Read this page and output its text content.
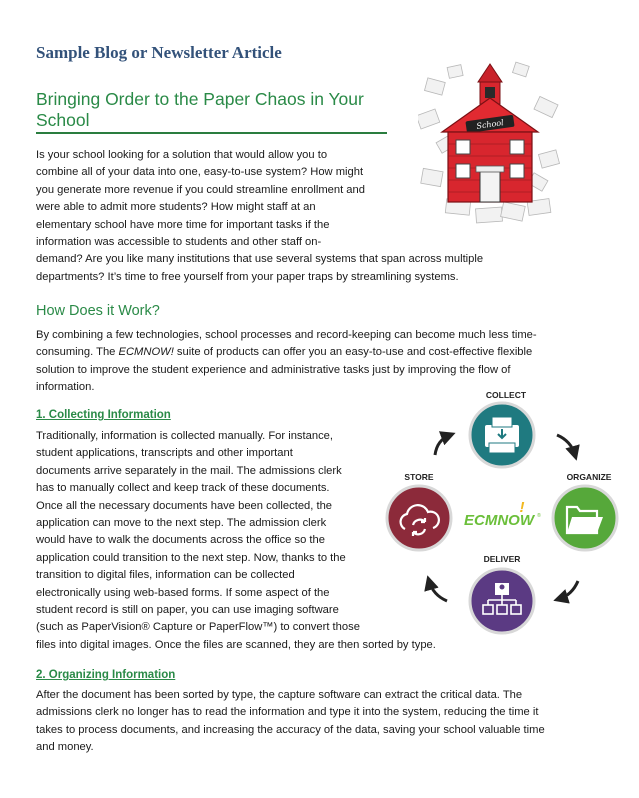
Sample Blog or Newsletter Article
Bringing Order to the Paper Chaos in Your
School	School
Is your school looking for a solution that would allow you to
combine all of your data into one, easy-to-use system? How might
you generate more revenue if you could streamline enrollment and
were able to admit more students? How might staff at an
elementary school have more time for important tasks if the
information was accessible to students and other staff on-
demand? Are you like many institutions that use several systems that span across multiple
departments? It’s time to free yourself from your paper traps by streamlining systems.
How Does it Work?
By combining a few technologies, school processes and record-keeping can become much less time-
consuming. The ECMNOW! suite of products can offer you an easy-to-use and cost-effective flexible
solution to improve the student experience and administrative tasks just by improving the flow of
information.
1. Collecting Information
Traditionally, information is collected manually. For instance,
student applications, transcripts and other important
documents arrive separately in the mail. The admissions clerk
has to manually collect and keep track of these documents.
Once all the necessary documents have been collected, the
application can move to the next step. The admission clerk
would have to walk the documents across the office so the
application could transition to the next step. Now, thanks to the
transition to digital files, information can be collected
electronically using web-based forms. If some aspect of the
student record is still on paper, you can use imaging software
(such as PaperVision® Capture or PaperFlow™) to convert those
files into digital images. Once the files are scanned, they are then sorted by type.
COLLECT
ORGANIZE
DELIVER
STORE
ECMNOW
!	®
2. Organizing Information
After the document has been sorted by type, the capture software can extract the critical data. The
admissions clerk no longer has to read the information and type it into the system, reducing the time it
takes to process documents, and increasing the accuracy of the data, saving your school valuable time
and money.
